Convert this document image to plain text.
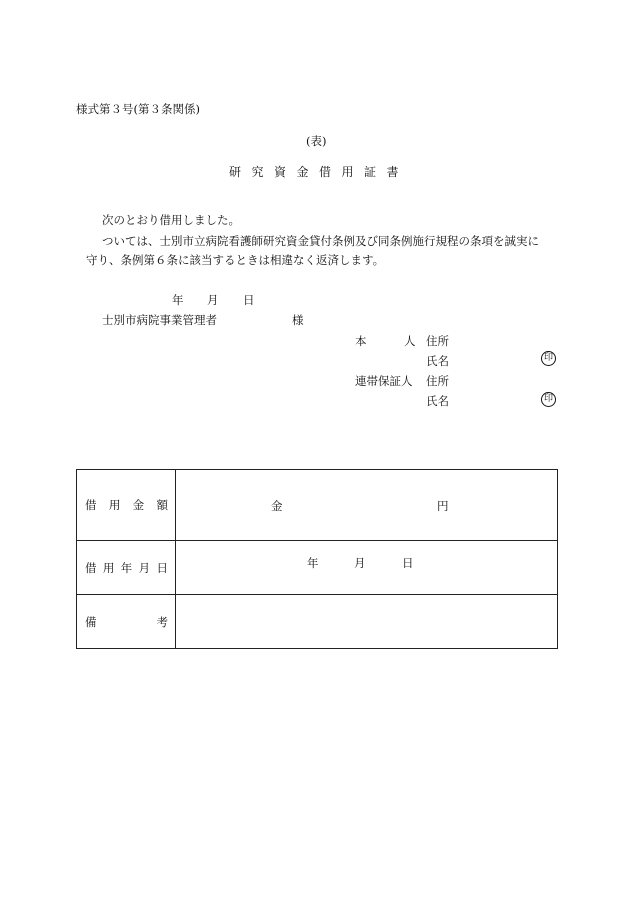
様式第３号(第３条関係)
(表)
研究資金借用証書
次のとおり借用しました。
ついては、士別市立病院看護師研究資金貸付条例及び同条例施行規程の条項を誠実に
守り、条例第６条に該当するときは相違なく返済します。
年 月 日
士別市病院事業管理者	様
本	人 住所
氏名	印
連帯保証人 住所
氏名	印
借 用 金 額	金 円

借 用 年 月 日	年 月 日

備 考	
